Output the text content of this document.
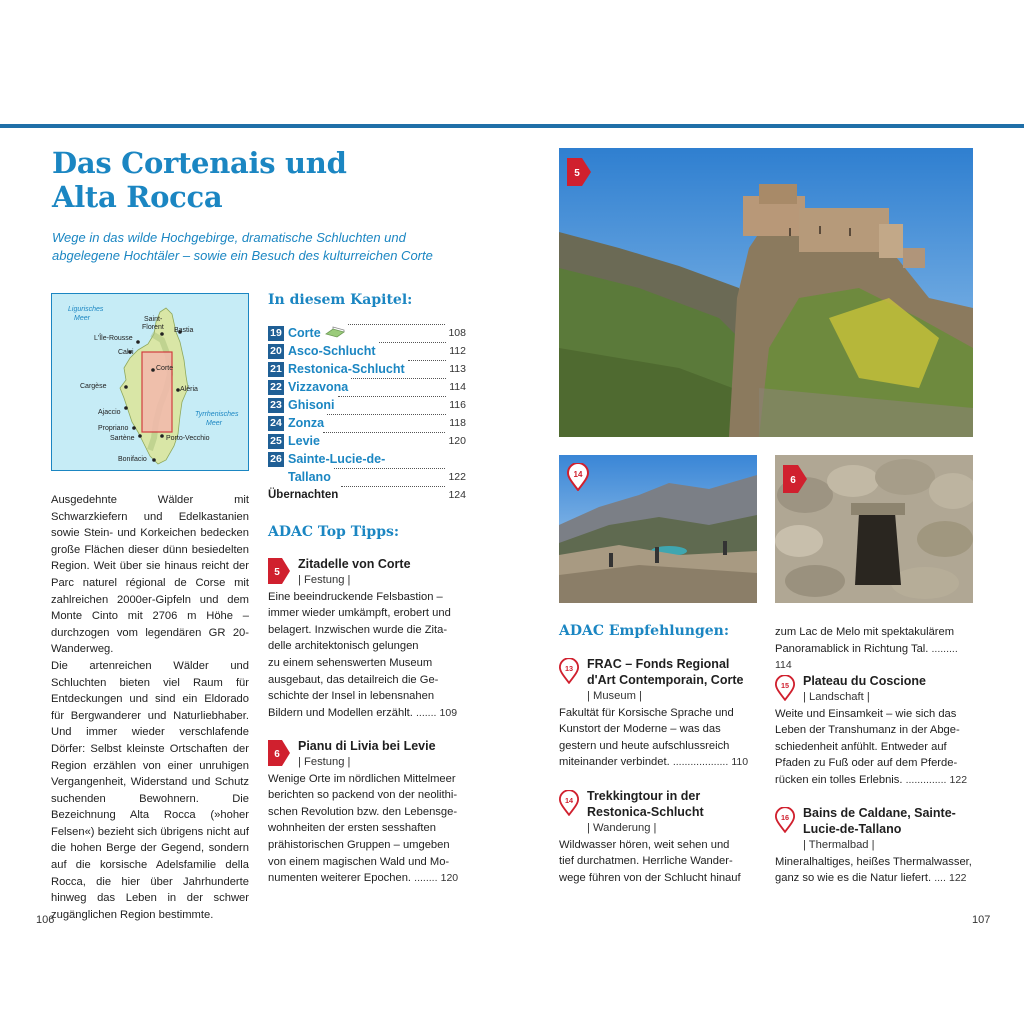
Das Cortenais und
Alta Rocca

Wege in das wilde Hochgebirge, dramatische Schluchten und
abgelegene Hochtäler – sowie ein Besuch des kulturreichen Corte

Ligurisches
Meer
Tyrrhenisches
Meer
Saint-
Florent Bastia
L'Île-Rousse
Corte
Calvi
Aléria
Cargèse
Ajaccio
Propriano
Sartène	Porto-Vecchio
Bonifacio

Ausgedehnte Wälder mit Schwarzkiefern und Edelkastanien sowie Stein- und Korkeichen bedecken große Flächen dieser dünn besiedelten Region. Weit über sie hinaus reicht der Parc naturel régional de Corse mit zahlreichen 2000er-Gipfeln und dem Monte Cinto mit 2706 m Höhe – durchzogen vom legendären GR 20-Wanderweg.

Die artenreichen Wälder und Schluchten bieten viel Raum für Entdeckungen und sind ein Eldorado für Bergwanderer und Naturliebhaber. Und immer wieder verschlafende Dörfer: Selbst kleinste Ortschaften der Region erzählen von einer unruhigen Vergangenheit, Widerstand und Schutz suchenden Bewohnern. Die Bezeichnung Alta Rocca (»hoher Felsen«) bezieht sich übrigens nicht auf die hohen Berge der Gegend, sondern auf die korsische Adelsfamilie della Rocca, die hier über Jahrhunderte hinweg das Leben in der schwer zugänglichen Region bestimmte.

In diesem Kapitel:
19 Corte	108
20 Asco-Schlucht	112
21 Restonica-Schlucht	113
22 Vizzavona	114
23 Ghisoni	116
24 Zonza	118
25 Levie	120
26 Sainte-Lucie-de-
Tallano	122
Übernachten	124
ADAC Top Tipps:
5
Zitadelle von Corte
| Festung |
Eine beeindruckende Felsbastion –
immer wieder umkämpft, erobert und
belagert. Inzwischen wurde die Zita-
delle architektonisch gelungen
zu einem sehenswerten Museum
ausgebaut, das detailreich die Ge-
schichte der Insel in lebensnahen
Bildern und Modellen erzählt. ....... 109
6
Pianu di Livia bei Levie
| Festung |
Wenige Orte im nördlichen Mittelmeer
berichten so packend von der neolithi-
schen Revolution bzw. den Lebensge-
wohnheiten der ersten sesshaften
prähistorischen Gruppen – umgeben
von einem magischen Wald und Mo-
numenten weiterer Epochen. ........ 120
106
5
14
6
ADAC Empfehlungen:
13 FRAC – Fonds Regional
d'Art Contemporain, Corte
| Museum |
Fakultät für Korsische Sprache und
Kunstort der Moderne – was das
gestern und heute aufschlussreich
miteinander verbindet. ................... 110
14 Trekkingtour in der
Restonica-Schlucht
| Wanderung |
Wildwasser hören, weit sehen und
tief durchatmen. Herrliche Wander-
wege führen von der Schlucht hinauf
zum Lac de Melo mit spektakulärem
Panoramablick in Richtung Tal. ......... 114
15 Plateau du Coscione
| Landschaft |
Weite und Einsamkeit – wie sich das
Leben der Transhumanz in der Abge-
schiedenheit anfühlt. Entweder auf
Pfaden zu Fuß oder auf dem Pferde-
rücken ein tolles Erlebnis. .............. 122
16 Bains de Caldane, Sainte-
Lucie-de-Tallano
| Thermalbad |
Mineralhaltiges, heißes Thermalwasser,
ganz so wie es die Natur liefert. .... 122
107
